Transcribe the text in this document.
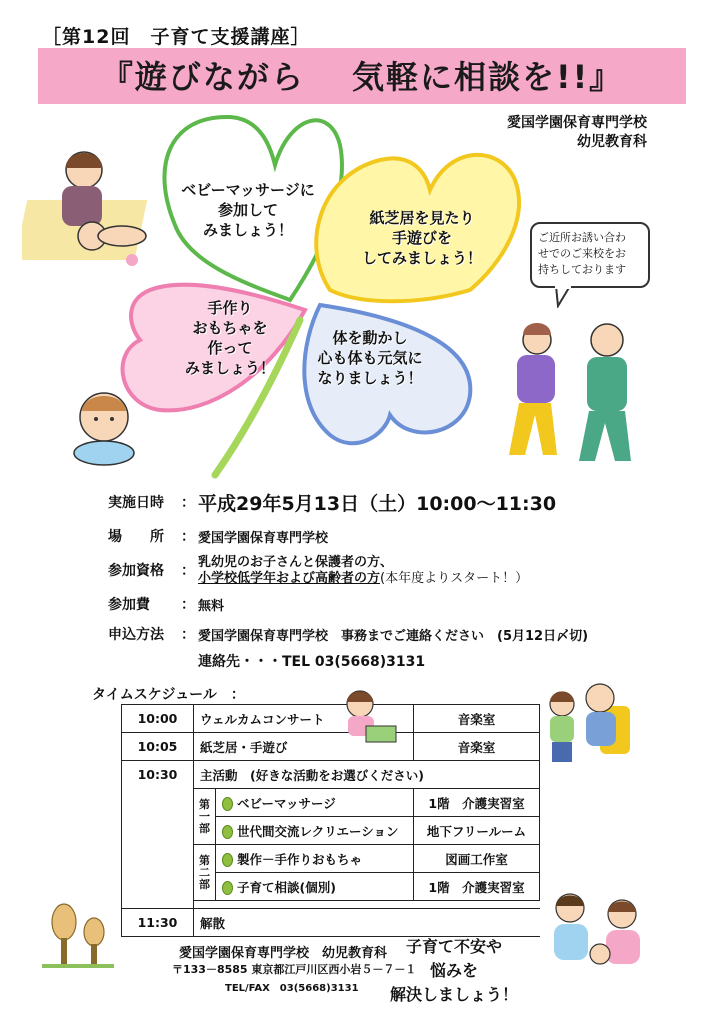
［第12回　子育て支援講座］
『遊びながら　 気軽に相談を!!』
愛国学園保育専門学校
幼児教育科
ベビーマッサージに
参加して
みましょう！
紙芝居を見たり
手遊びを
してみましょう！
手作り
おもちゃを
作って
みましょう！
体を動かし
心も体も元気に
なりましょう！
ご近所お誘い合わ
せでのご来校をお
持ちしております
実施日時 ： 平成29年5月13日（土）10:00～11:30
場　　所 ： 愛国学園保育専門学校
参加資格 ：
乳幼児のお子さんと保護者の方、
小学校低学年および高齢者の方(本年度よりスタート！）
参加費 ： 無料
申込方法 ： 愛国学園保育専門学校　事務までご連絡ください　(5月12日〆切)
連絡先・・・TEL 03(5668)3131
タイムスケジュール　：
10:00	ウェルカムコンサート		音楽室
10:05	紙芝居・手遊び		音楽室
10:30	主活動　(好きな活動をお選びください)		
	第
一
部	ベビーマッサージ	1階　介護実習室
		世代間交流レクリエーション	地下フリールーム
	第
二
部	製作－手作りおもちゃ	図画工作室
		子育て相談(個別)	1階　介護実習室

11:30	解散		
愛国学園保育専門学校　幼児教育科
〒133－8585 東京都江戸川区西小岩５－７－１
TEL/FAX　03(5668)3131
子育て不安や
悩みを
解決しましょう！
